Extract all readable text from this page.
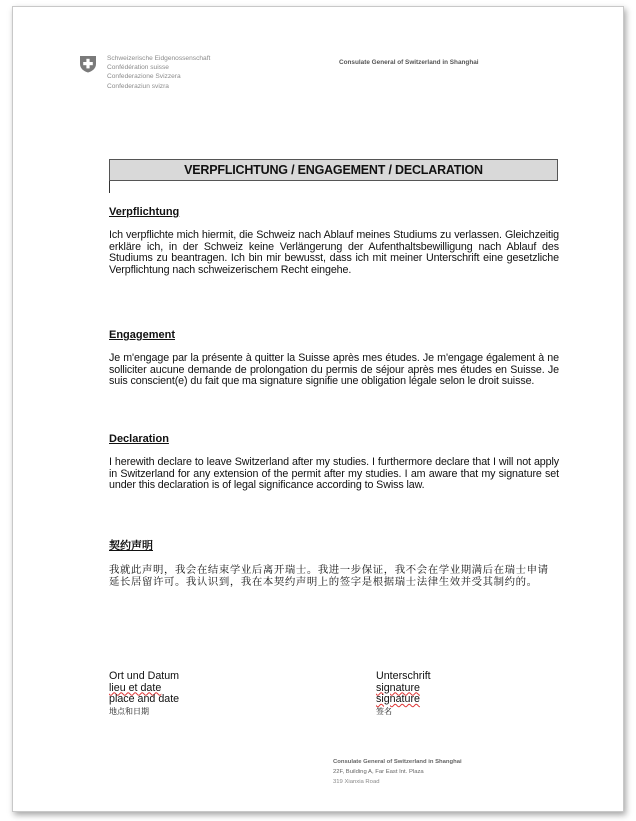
Schweizerische Eidgenossenschaft
Confédération suisse
Confederazione Svizzera
Confederaziun svizra
Consulate General of Switzerland in Shanghai
VERPFLICHTUNG / ENGAGEMENT / DECLARATION
Verpflichtung
Ich verpflichte mich hiermit, die Schweiz nach Ablauf meines Studiums zu verlassen. Gleichzeitig erkläre ich, in der Schweiz keine Verlängerung der Aufenthaltsbewilligung nach Ablauf des Studiums zu beantragen. Ich bin mir bewusst, dass ich mit meiner Unterschrift eine gesetzliche Verpflichtung nach schweizerischem Recht eingehe.
Engagement
Je m'engage par la présente à quitter la Suisse après mes études. Je m'engage également à ne solliciter aucune demande de prolongation du permis de séjour après mes études en Suisse. Je suis conscient(e) du fait que ma signature signifie une obligation légale selon le droit suisse.
Declaration
I herewith declare to leave Switzerland after my studies. I furthermore declare that I will not apply in Switzerland for any extension of the permit after my studies. I am aware that my signature set under this declaration is of legal significance according to Swiss law.
契约声明
我就此声明，我会在结束学业后离开瑞士。我进一步保证，我不会在学业期满后在瑞士申请延长居留许可。我认识到，我在本契约声明上的签字是根据瑞士法律生效并受其制约的。
Ort und Datum
lieu et date
place and date
地点和日期
Unterschrift
signature
signature
签名
Consulate General of Switzerland in Shanghai
22F, Building A, Far East Int. Plaza
319 Xianxia Road
